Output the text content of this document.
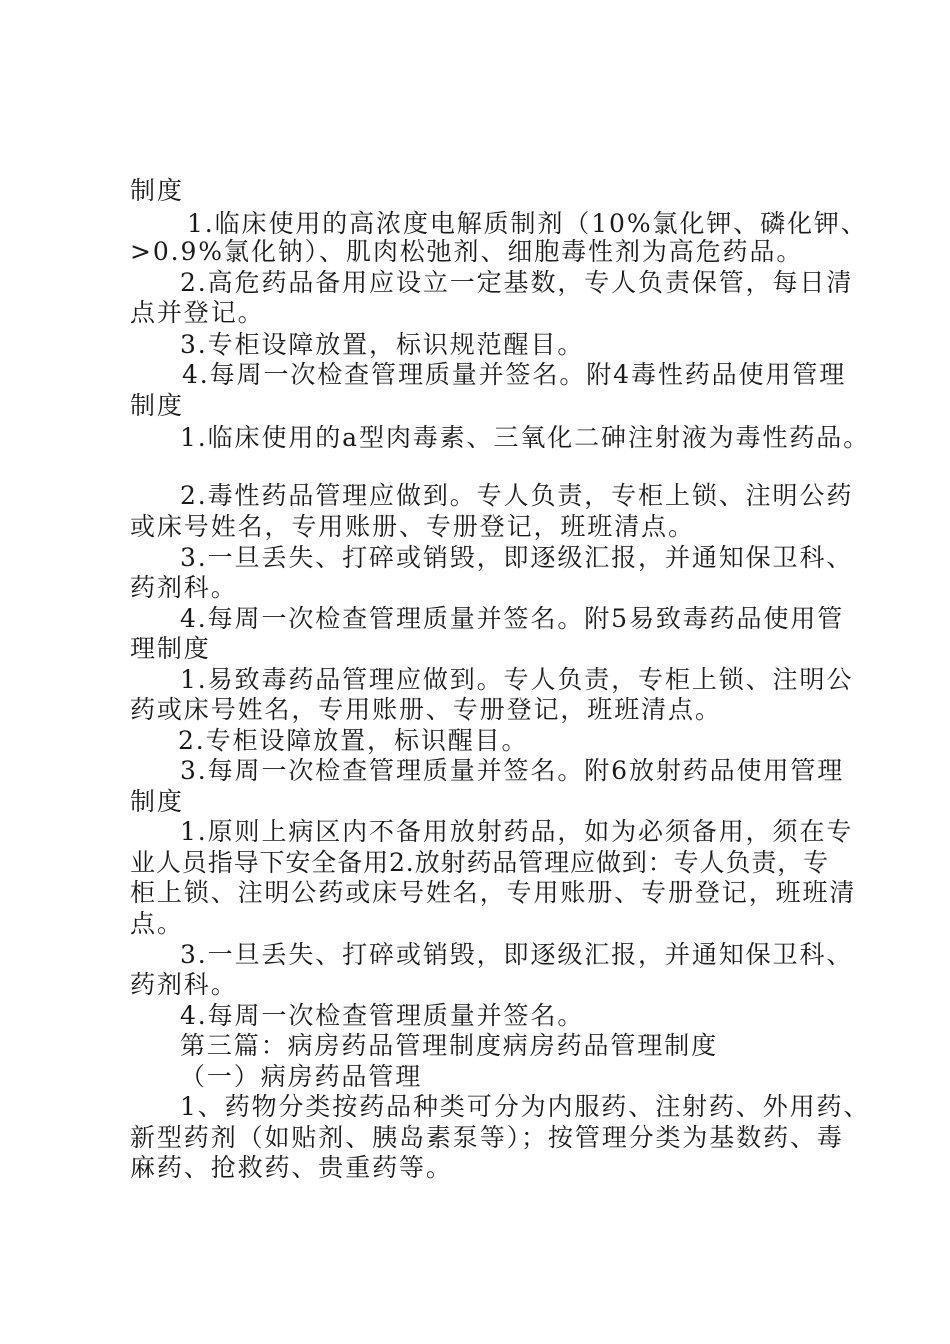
制度
1.临床使用的高浓度电解质制剂（10%氯化钾、磷化钾、
>0.9%氯化钠）、肌肉松弛剂、细胞毒性剂为高危药品。
2.高危药品备用应设立一定基数，专人负责保管，每日清
点并登记。
3.专柜设障放置，标识规范醒目。
4.每周一次检查管理质量并签名。附4毒性药品使用管理
制度
1.临床使用的a型肉毒素、三氧化二砷注射液为毒性药品。
2.毒性药品管理应做到。专人负责，专柜上锁、注明公药
或床号姓名，专用账册、专册登记，班班清点。
3.一旦丢失、打碎或销毁，即逐级汇报，并通知保卫科、
药剂科。
4.每周一次检查管理质量并签名。附5易致毒药品使用管
理制度
1.易致毒药品管理应做到。专人负责，专柜上锁、注明公
药或床号姓名，专用账册、专册登记，班班清点。
2.专柜设障放置，标识醒目。
3.每周一次检查管理质量并签名。附6放射药品使用管理
制度
1.原则上病区内不备用放射药品，如为必须备用，须在专
业人员指导下安全备用2.放射药品管理应做到：专人负责，专
柜上锁、注明公药或床号姓名，专用账册、专册登记，班班清
点。
3.一旦丢失、打碎或销毁，即逐级汇报，并通知保卫科、
药剂科。
4.每周一次检查管理质量并签名。
第三篇：病房药品管理制度病房药品管理制度
（一）病房药品管理
1、药物分类按药品种类可分为内服药、注射药、外用药、
新型药剂（如贴剂、胰岛素泵等）；按管理分类为基数药、毒
麻药、抢救药、贵重药等。
